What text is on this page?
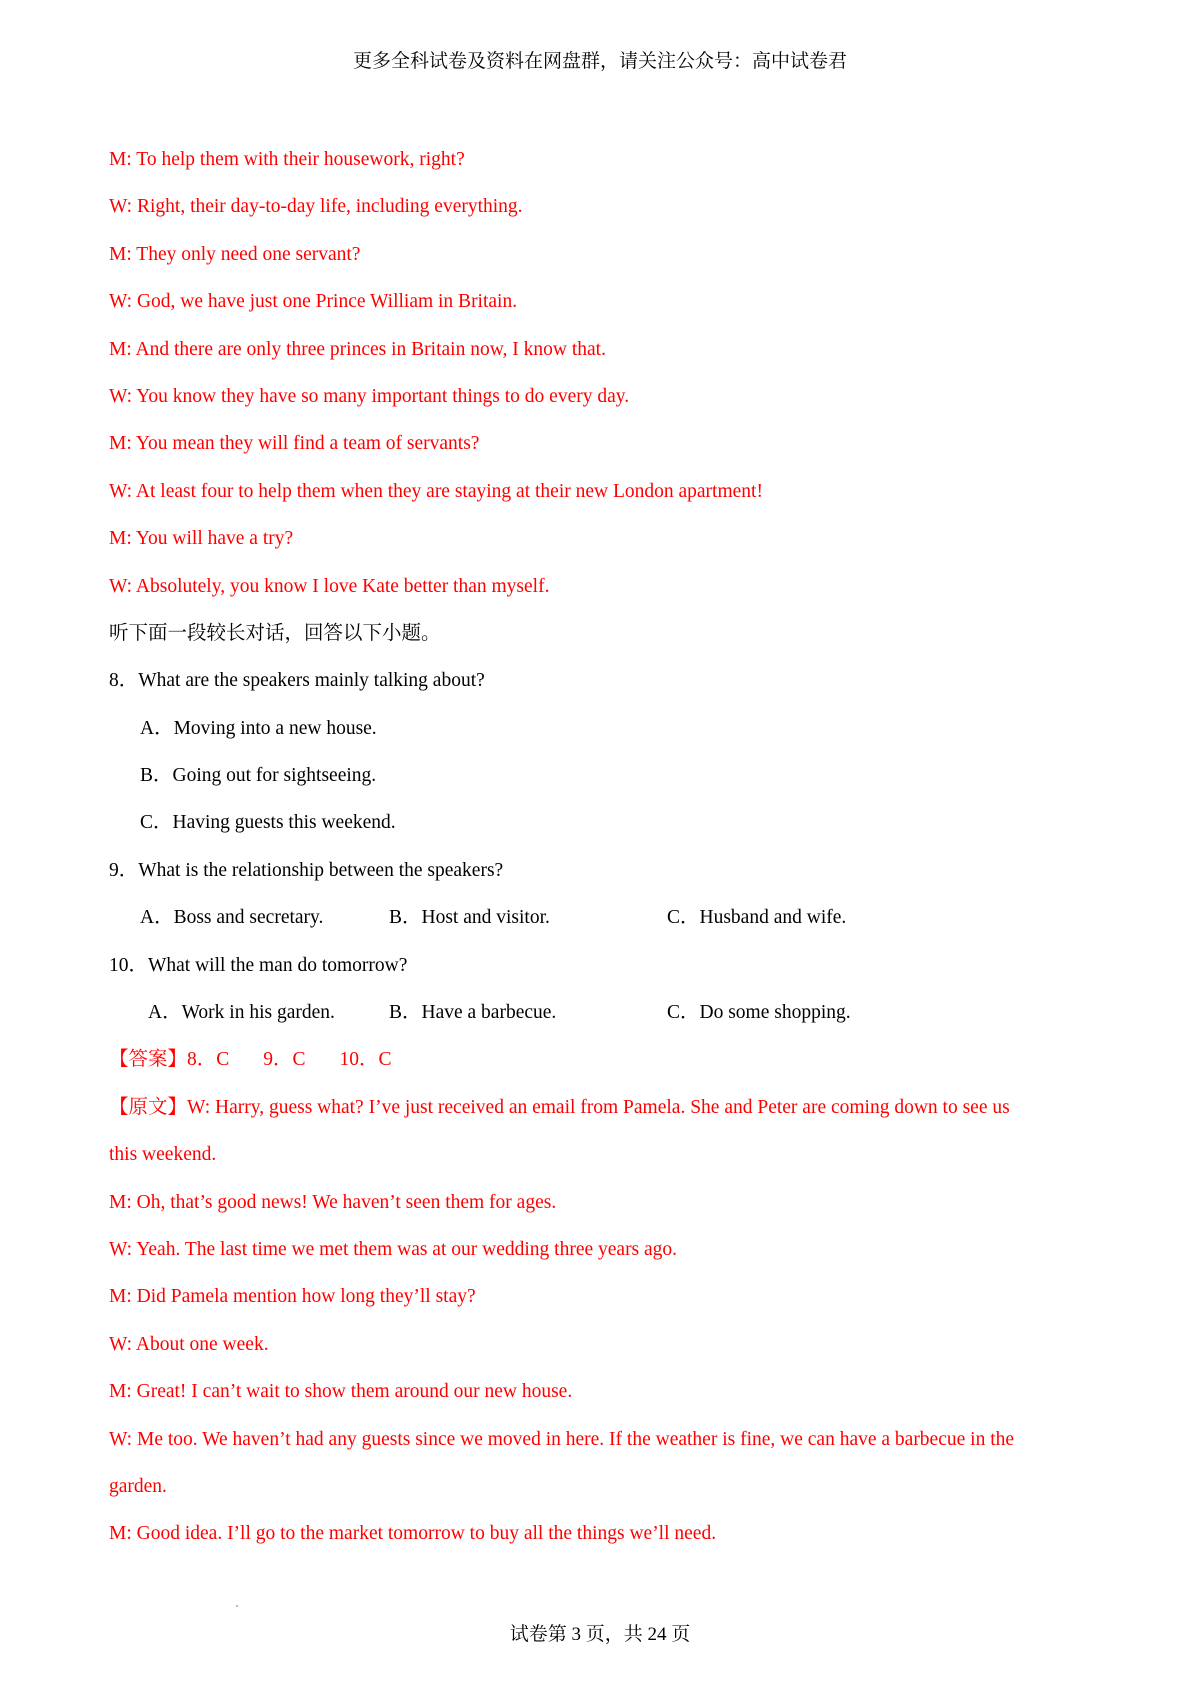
更多全科试卷及资料在网盘群，请关注公众号：高中试卷君
M: To help them with their housework, right?
W: Right, their day-to-day life, including everything.
M: They only need one servant?
W: God, we have just one Prince William in Britain.
M: And there are only three princes in Britain now, I know that.
W: You know they have so many important things to do every day.
M: You mean they will find a team of servants?
W: At least four to help them when they are staying at their new London apartment!
M: You will have a try?
W: Absolutely, you know I love Kate better than myself.
听下面一段较长对话，回答以下小题。
8．What are the speakers mainly talking about?
A．Moving into a new house.
B．Going out for sightseeing.
C．Having guests this weekend.
9．What is the relationship between the speakers?
A．Boss and secretary.	B．Host and visitor.	C．Husband and wife.
10．What will the man do tomorrow?
A．Work in his garden.	B．Have a barbecue.	C．Do some shopping.
【答案】8．C 9．C 10．C
【原文】W: Harry, guess what? I’ve just received an email from Pamela. She and Peter are coming down to see us
this weekend.
M: Oh, that’s good news! We haven’t seen them for ages.
W: Yeah. The last time we met them was at our wedding three years ago.
M: Did Pamela mention how long they’ll stay?
W: About one week.
M: Great! I can’t wait to show them around our new house.
W: Me too. We haven’t had any guests since we moved in here. If the weather is fine, we can have a barbecue in the
garden.
M: Good idea. I’ll go to the market tomorrow to buy all the things we’ll need.
试卷第 3 页，共 24 页
